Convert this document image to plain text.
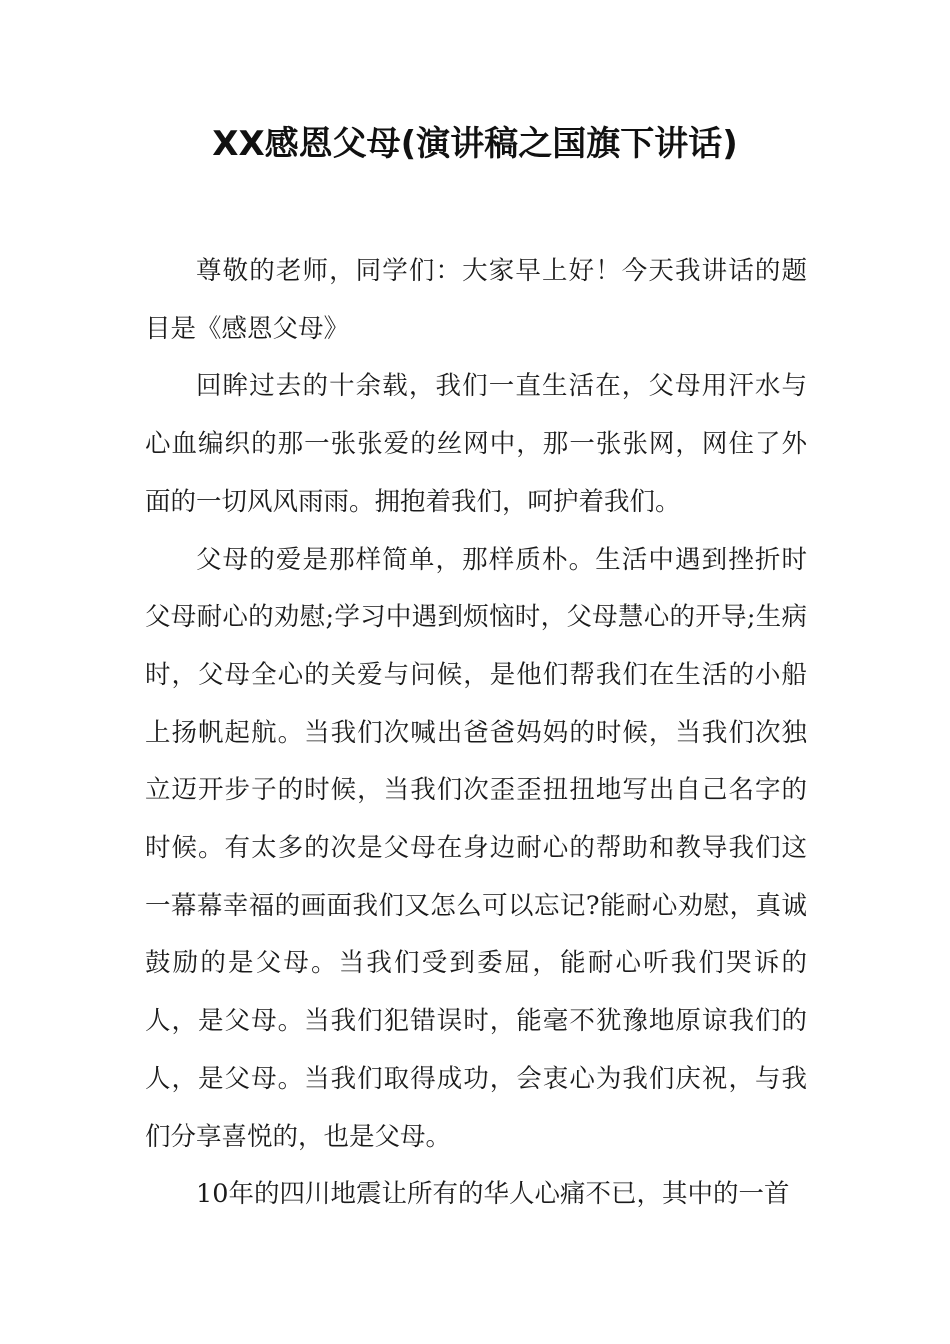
XX感恩父母(演讲稿之国旗下讲话)

尊敬的老师，同学们：大家早上好！今天我讲话的题目是《感恩父母》

回眸过去的十余载，我们一直生活在，父母用汗水与心血编织的那一张张爱的丝网中，那一张张网，网住了外面的一切风风雨雨。拥抱着我们，呵护着我们。

父母的爱是那样简单，那样质朴。生活中遇到挫折时父母耐心的劝慰;学习中遇到烦恼时，父母慧心的开导;生病时，父母全心的关爱与问候，是他们帮我们在生活的小船上扬帆起航。当我们次喊出爸爸妈妈的时候，当我们次独立迈开步子的时候，当我们次歪歪扭扭地写出自己名字的时候。有太多的次是父母在身边耐心的帮助和教导我们这一幕幕幸福的画面我们又怎么可以忘记?能耐心劝慰，真诚鼓励的是父母。当我们受到委屈，能耐心听我们哭诉的人，是父母。当我们犯错误时，能毫不犹豫地原谅我们的人，是父母。当我们取得成功，会衷心为我们庆祝，与我们分享喜悦的，也是父母。

10年的四川地震让所有的华人心痛不已，其中的一首
